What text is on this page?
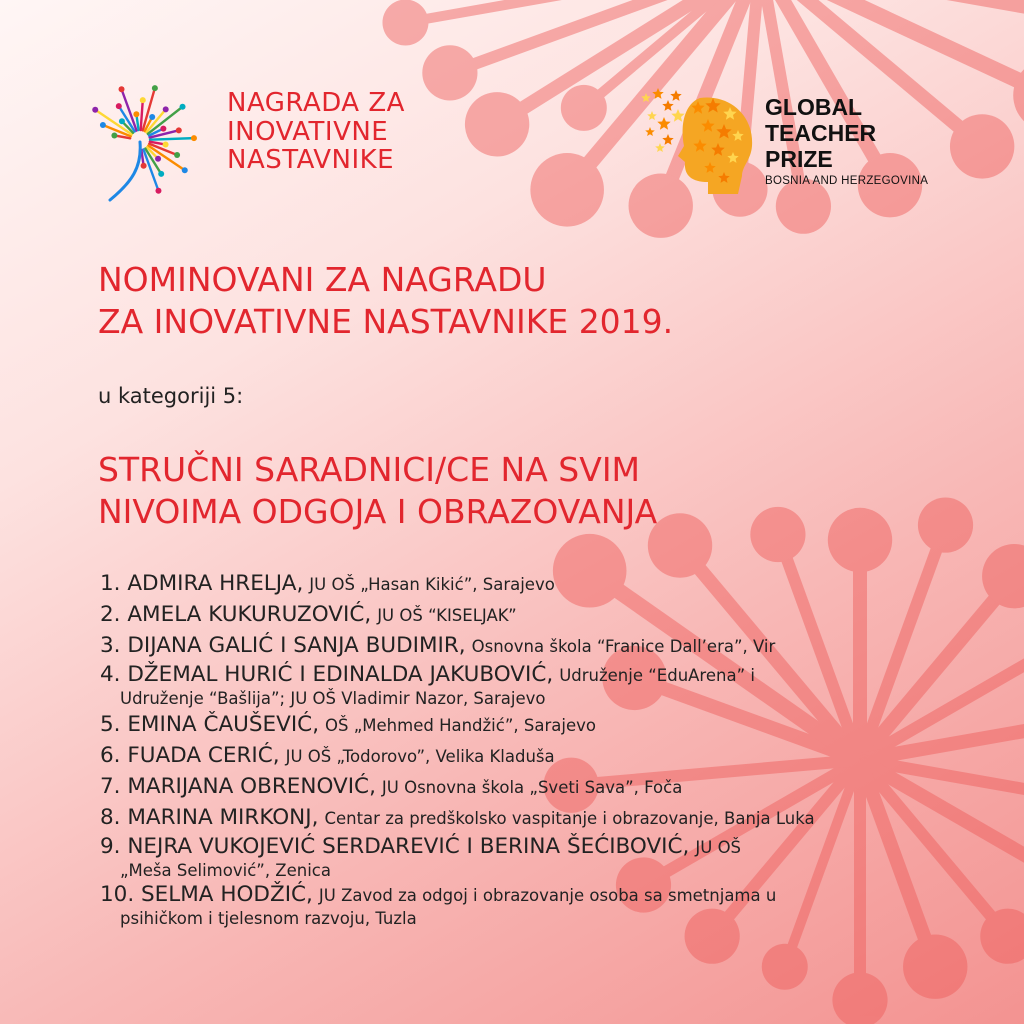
NAGRADA ZA
INOVATIVNE
NASTAVNIKE
GLOBAL
TEACHER
PRIZE
BOSNIA AND HERZEGOVINA
NOMINOVANI ZA NAGRADU
ZA INOVATIVNE NASTAVNIKE 2019.
u kategoriji 5:
STRUČNI SARADNICI/CE NA SVIM
NIVOIMA ODGOJA I OBRAZOVANJA
1. ADMIRA HRELJA, JU OŠ „Hasan Kikić”, Sarajevo
2. AMELA KUKURUZOVIĆ, JU OŠ “KISELJAK”
3. DIJANA GALIĆ I SANJA BUDIMIR, Osnovna škola “Franice Dall’era”, Vir
4. DŽEMAL HURIĆ I EDINALDA JAKUBOVIĆ, Udruženje “EduArena” i
Udruženje “Bašlija”; JU OŠ Vladimir Nazor, Sarajevo
5. EMINA ČAUŠEVIĆ, OŠ „Mehmed Handžić”, Sarajevo
6. FUADA CERIĆ, JU OŠ „Todorovo”, Velika Kladuša
7. MARIJANA OBRENOVIĆ, JU Osnovna škola „Sveti Sava”, Foča
8. MARINA MIRKONJ, Centar za predškolsko vaspitanje i obrazovanje, Banja Luka
9. NEJRA VUKOJEVIĆ SERDAREVIĆ I BERINA ŠEĆIBOVIĆ, JU OŠ
„Meša Selimović”, Zenica
10. SELMA HODŽIĆ, JU Zavod za odgoj i obrazovanje osoba sa smetnjama u
psihičkom i tjelesnom razvoju, Tuzla
